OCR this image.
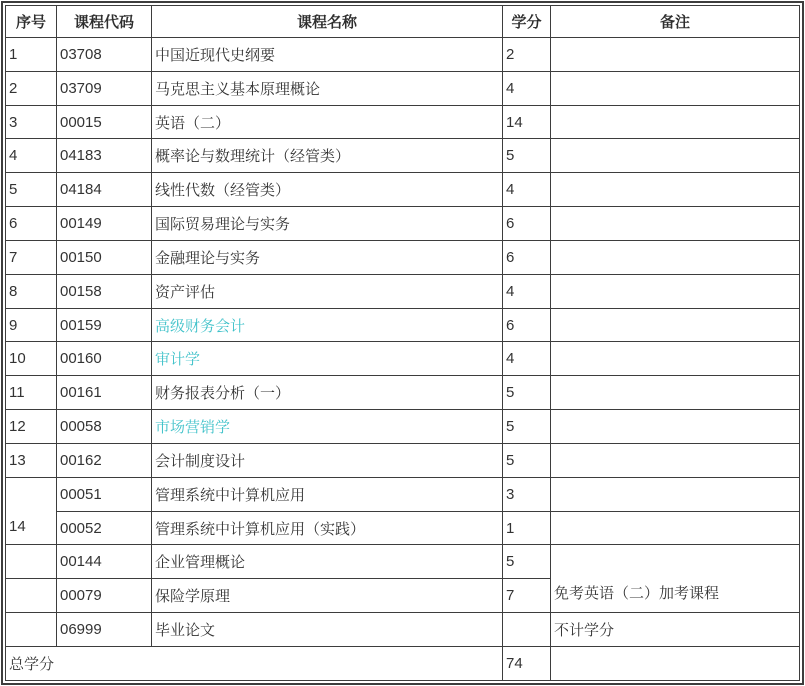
序号	课程代码	课程名称	学分	备注
1	03708	中国近现代史纲要	2	
2	03709	马克思主义基本原理概论	4	
3	00015	英语（二）	14	
4	04183	概率论与数理统计（经管类）	5	
5	04184	线性代数（经管类）	4	
6	00149	国际贸易理论与实务	6	
7	00150	金融理论与实务	6	
8	00158	资产评估	4	
9	00159	高级财务会计	6	
10	00160	审计学	4	
11	00161	财务报表分析（一）	5	
12	00058	市场营销学	5	
13	00162	会计制度设计	5	
14	00051	管理系统中计算机应用	3	
	00052	管理系统中计算机应用（实践）	1	
	00144	企业管理概论	5	免考英语（二）加考课程
	00079	保险学原理	7	
	06999	毕业论文		不计学分
总学分			74	
